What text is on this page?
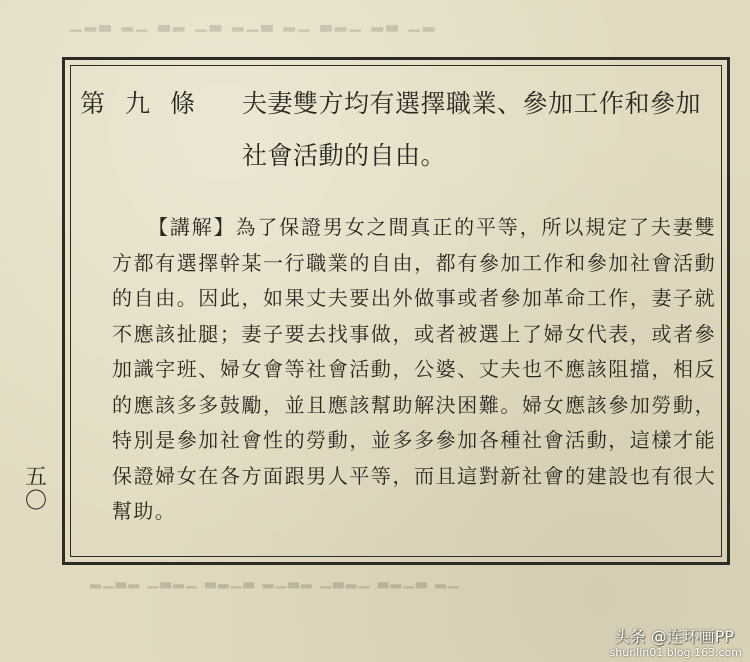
▁▂▃ ▂▁ ▃▂ ▁▃ ▂▁▃ ▂▁ ▃▂▁ ▂▃ ▁▂
▂▁▃▂ ▁▃▂▁ ▃▂▁▃ ▂▁▃▂ ▁▃▂▁ ▃▂▁▃ ▂▁
第九條 夫妻雙方均有選擇職業、參加工作和參加社會活動的自由。
【講解】為了保證男女之間真正的平等，所以規定了夫妻雙方都有選擇幹某一行職業的自由，都有參加工作和參加社會活動的自由。因此，如果丈夫要出外做事或者參加革命工作，妻子就不應該扯腿；妻子要去找事做，或者被選上了婦女代表，或者參加識字班、婦女會等社會活動，公婆、丈夫也不應該阻擋，相反的應該多多鼓勵，並且應該幫助解決困難。婦女應該參加勞動，特別是參加社會性的勞動，並多多參加各種社會活動，這樣才能保證婦女在各方面跟男人平等，而且這對新社會的建設也有很大幫助。
五
〇
头条 @连环画PP
shunlin01.blog.163.com
